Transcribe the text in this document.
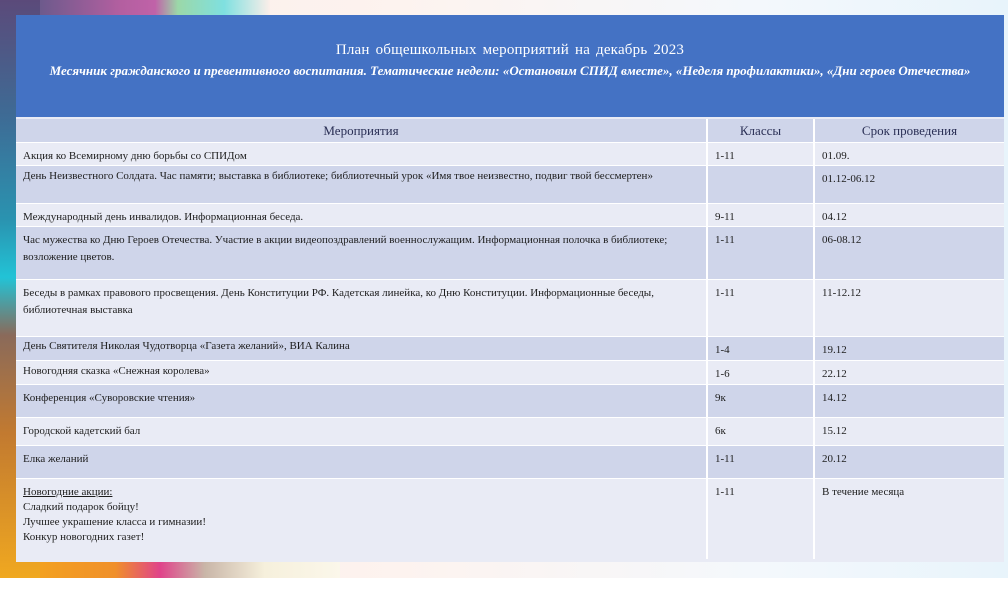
План общешкольных мероприятий на декабрь 2023
Месячник гражданского и превентивного воспитания. Тематические недели: «Остановим СПИД вместе», «Неделя профилактики», «Дни героев Отечества»
Мероприятия	Классы	Срок проведения
Акция ко Всемирному дню борьбы со СПИДом	1-11	01.09.
День Неизвестного Солдата. Час памяти; выставка в библиотеке; библиотечный урок «Имя твое неизвестно, подвиг твой бессмертен»		01.12-06.12
Международный день инвалидов. Информационная беседа.	9-11	04.12
Час мужества ко Дню Героев Отечества. Участие в акции видеопоздравлений военнослужащим. Информационная полочка в библиотеке; возложение цветов.	1-11	06-08.12
Беседы в рамках правового просвещения. День Конституции РФ. Кадетская линейка, ко Дню Конституции. Информационные беседы, библиотечная выставка	1-11	11-12.12
День Святителя Николая Чудотворца «Газета желаний», ВИА Калина	1-4	19.12
Новогодняя сказка «Снежная королева»	1-6	22.12
Конференция «Суворовские чтения»	9к	14.12
Городской кадетский бал	6к	15.12
Елка желаний	1-11	20.12

Новогодние акции:
Сладкий подарок бойцу!
Лучшее украшение класса и гимназии!
Конкур новогодних газет!	1-11	В течение месяца
